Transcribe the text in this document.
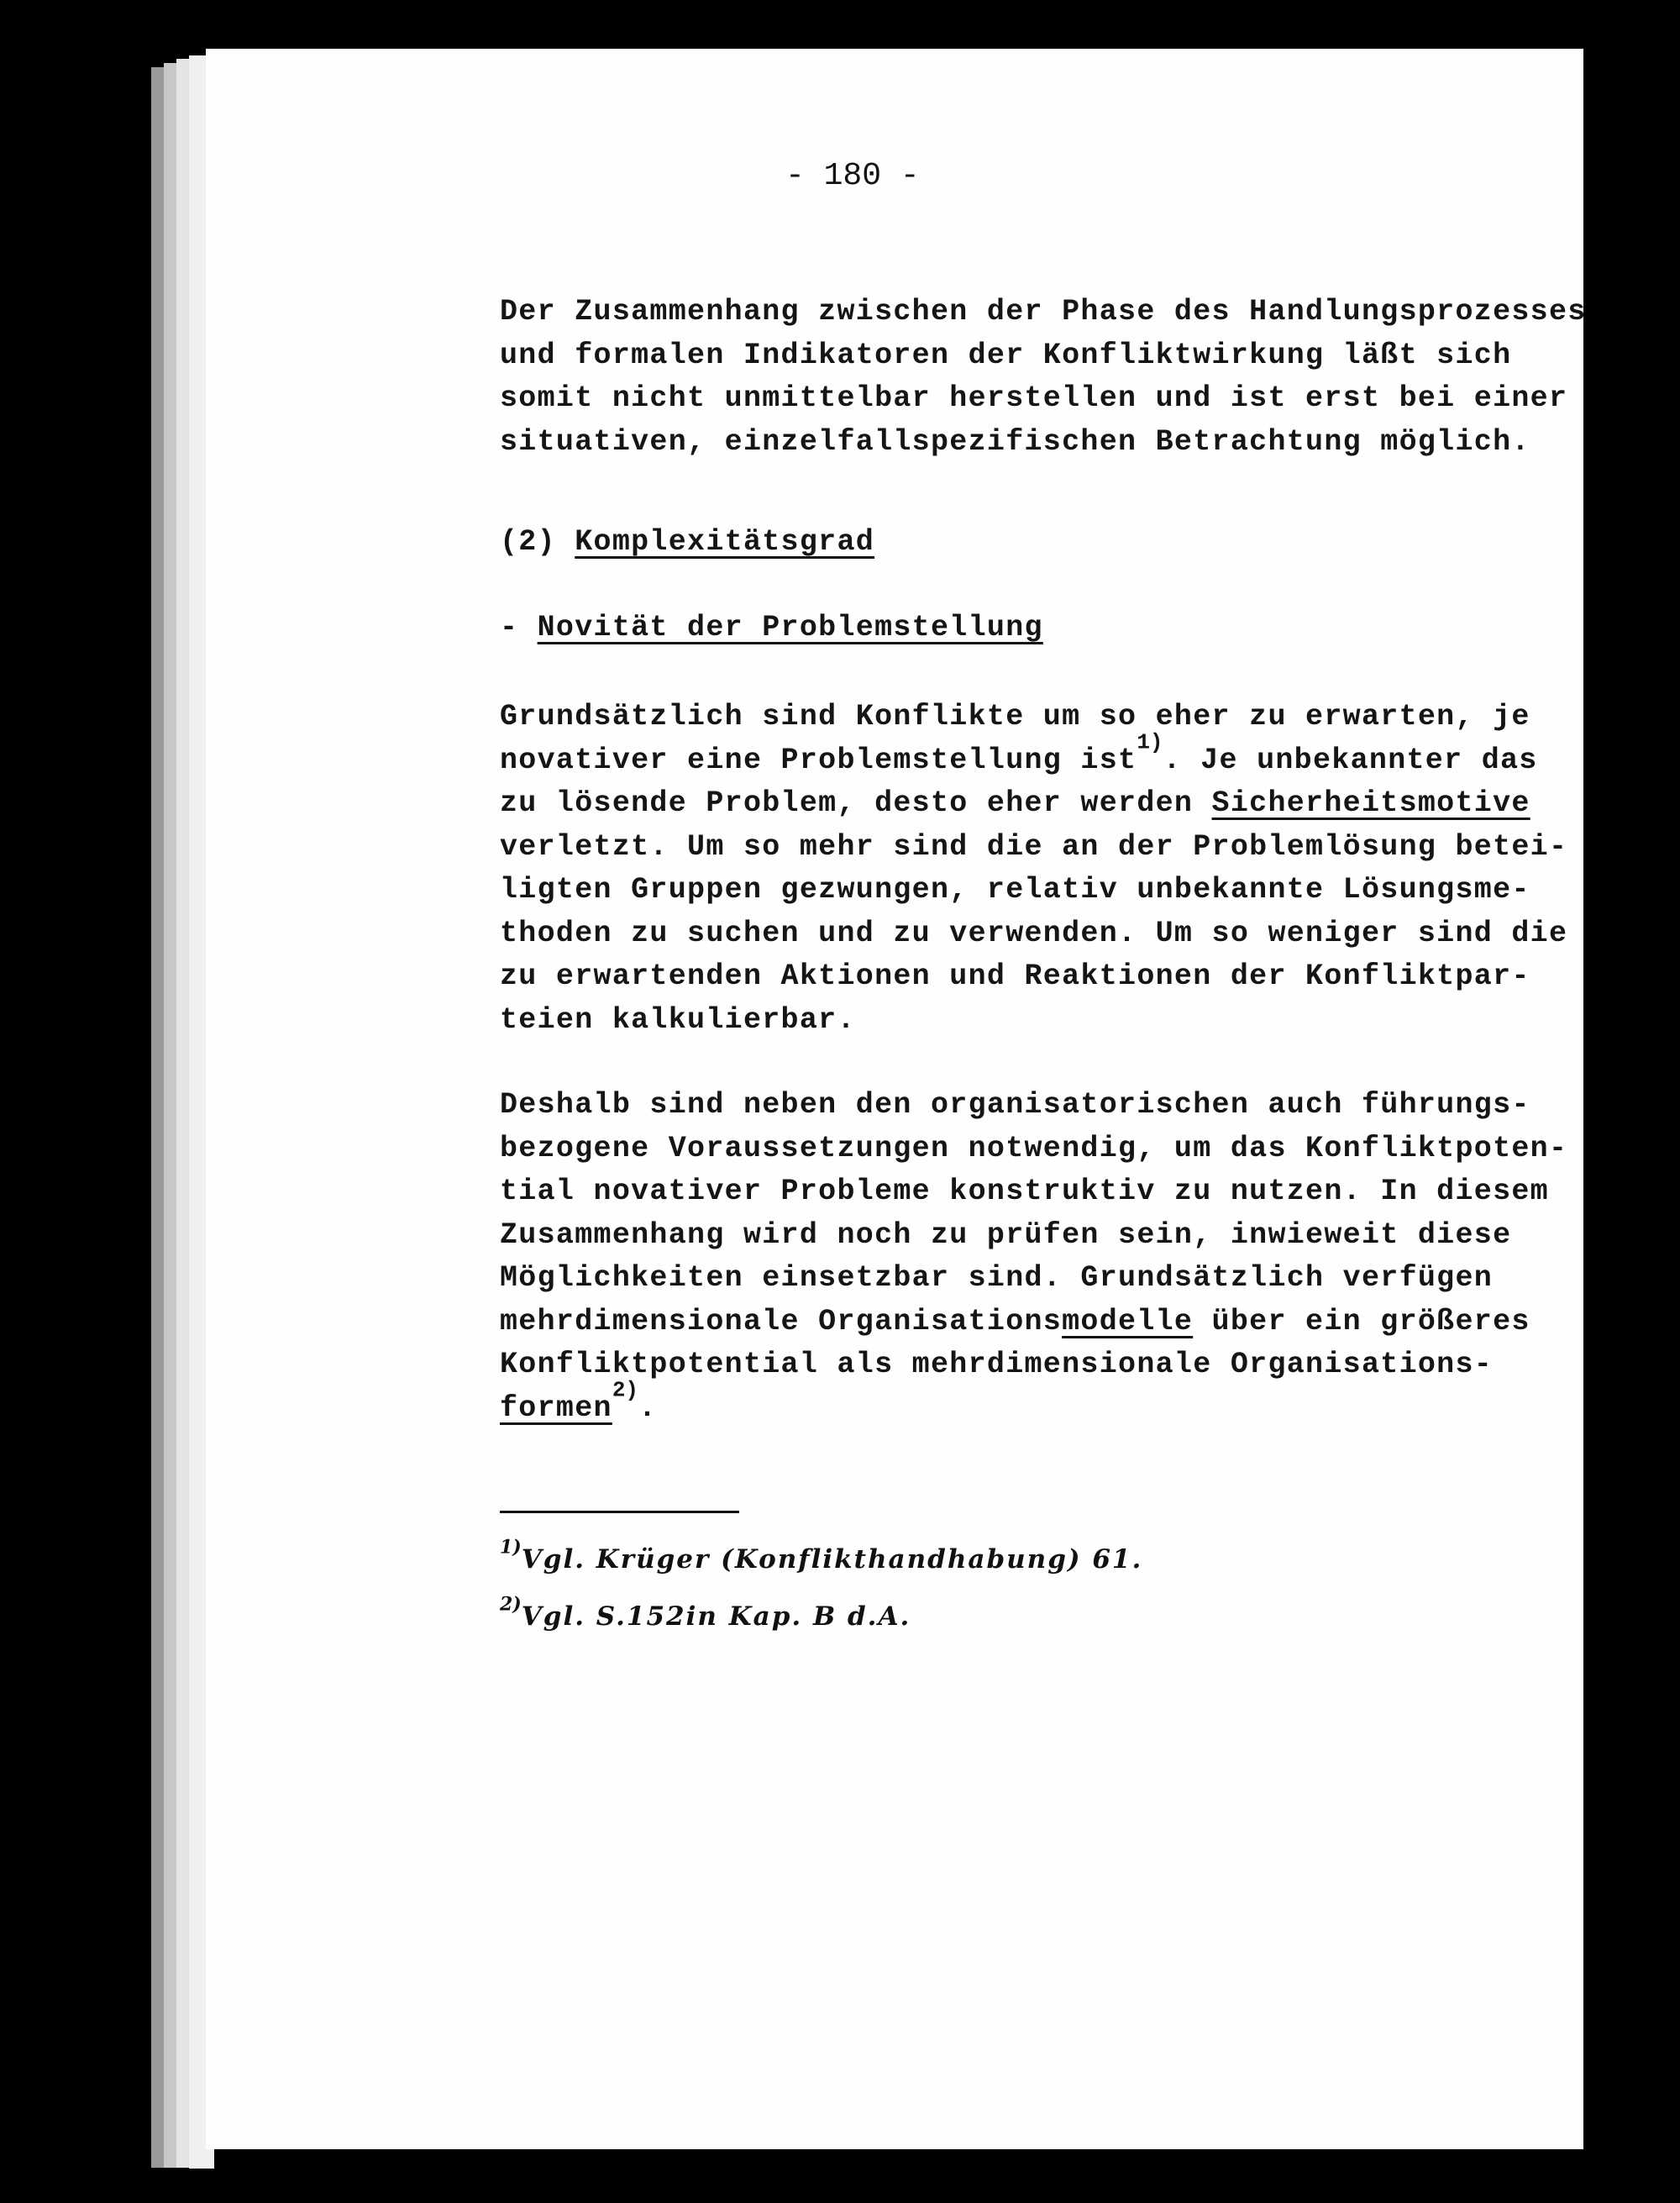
- 180 -

Der Zusammenhang zwischen der Phase des Handlungsprozesses
und formalen Indikatoren der Konfliktwirkung läßt sich
somit nicht unmittelbar herstellen und ist erst bei einer
situativen, einzelfallspezifischen Betrachtung möglich.

(2) Komplexitätsgrad

- Novität der Problemstellung

Grundsätzlich sind Konflikte um so eher zu erwarten, je
novativer eine Problemstellung ist$^{1)}$. Je unbekannter das
zu lösende Problem, desto eher werden Sicherheitsmotive
verletzt. Um so mehr sind die an der Problemlösung betei-
ligten Gruppen gezwungen, relativ unbekannte Lösungsme-
thoden zu suchen und zu verwenden. Um so weniger sind die
zu erwartenden Aktionen und Reaktionen der Konfliktpar-
teien kalkulierbar.

Deshalb sind neben den organisatorischen auch führungs-
bezogene Voraussetzungen notwendig, um das Konfliktpoten-
tial novativer Probleme konstruktiv zu nutzen. In diesem
Zusammenhang wird noch zu prüfen sein, inwieweit diese
Möglichkeiten einsetzbar sind. Grundsätzlich verfügen
mehrdimensionale Organisationsmodelle über ein größeres
Konfliktpotential als mehrdimensionale Organisations-
formen$^{2)}$.

$^{1)}$Vgl. Krüger (Konflikthandhabung) 61.
$^{2)}$Vgl. S.152in Kap. B d.A.
